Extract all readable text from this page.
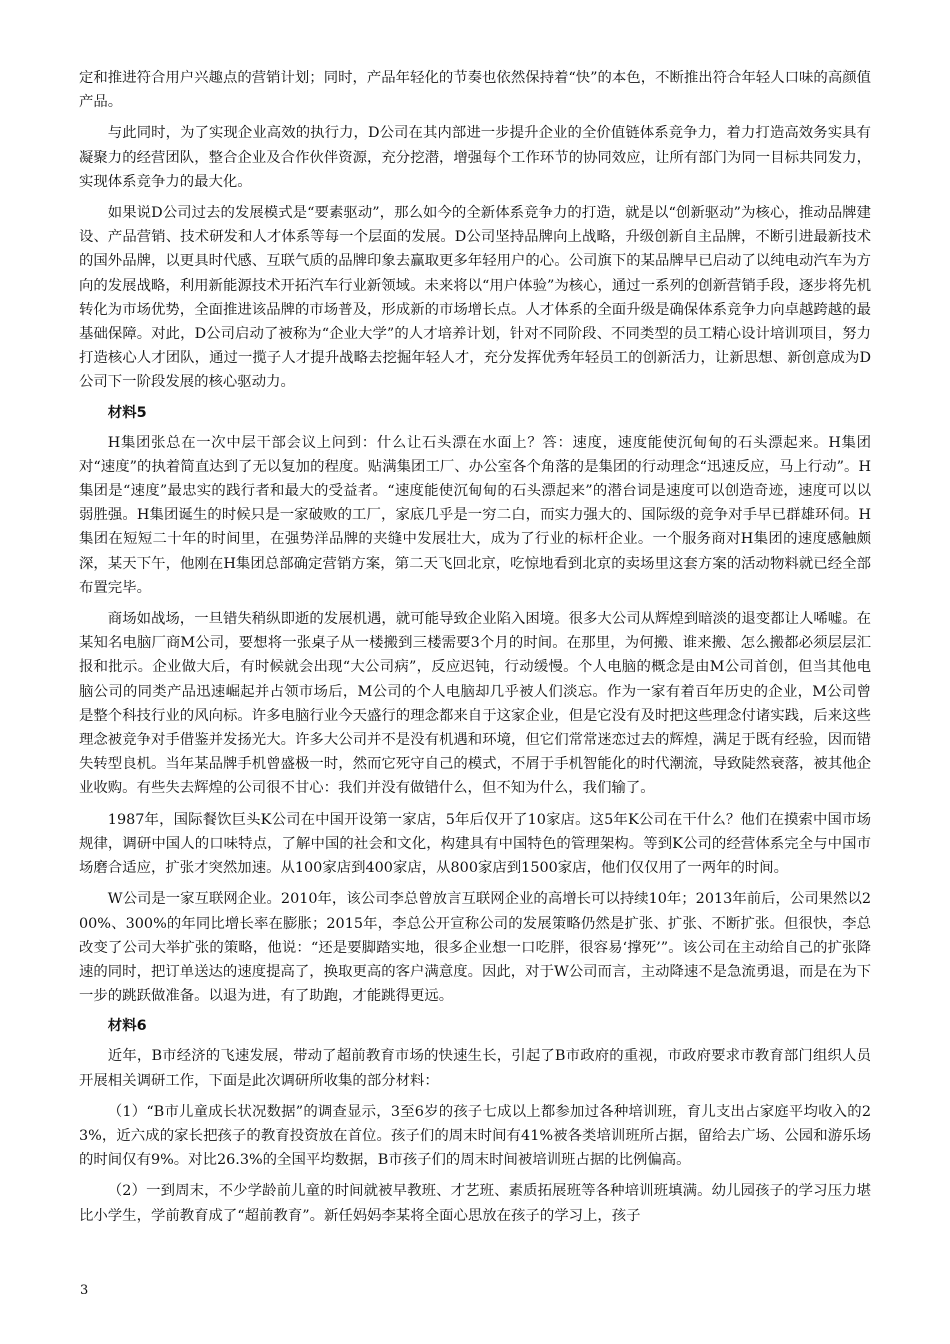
定和推进符合用户兴趣点的营销计划；同时，产品年轻化的节奏也依然保持着“快”的本色，不断推出符合年轻人口味的高颜值产品。

与此同时，为了实现企业高效的执行力，D公司在其内部进一步提升企业的全价值链体系竞争力，着力打造高效务实具有凝聚力的经营团队，整合企业及合作伙伴资源，充分挖潜，增强每个工作环节的协同效应，让所有部门为同一目标共同发力，实现体系竞争力的最大化。

如果说D公司过去的发展模式是“要素驱动”，那么如今的全新体系竞争力的打造，就是以“创新驱动”为核心，推动品牌建设、产品营销、技术研发和人才体系等每一个层面的发展。D公司坚持品牌向上战略，升级创新自主品牌，不断引进最新技术的国外品牌，以更具时代感、互联气质的品牌印象去赢取更多年轻用户的心。公司旗下的某品牌早已启动了以纯电动汽车为方向的发展战略，利用新能源技术开拓汽车行业新领域。未来将以“用户体验”为核心，通过一系列的创新营销手段，逐步将先机转化为市场优势，全面推进该品牌的市场普及，形成新的市场增长点。人才体系的全面升级是确保体系竞争力向卓越跨越的最基础保障。对此，D公司启动了被称为“企业大学”的人才培养计划，针对不同阶段、不同类型的员工精心设计培训项目，努力打造核心人才团队，通过一揽子人才提升战略去挖掘年轻人才，充分发挥优秀年轻员工的创新活力，让新思想、新创意成为D公司下一阶段发展的核心驱动力。

材料5

H集团张总在一次中层干部会议上问到：什么让石头漂在水面上？答：速度，速度能使沉甸甸的石头漂起来。H集团对“速度”的执着简直达到了无以复加的程度。贴满集团工厂、办公室各个角落的是集团的行动理念“迅速反应，马上行动”。H集团是“速度”最忠实的践行者和最大的受益者。“速度能使沉甸甸的石头漂起来”的潜台词是速度可以创造奇迹，速度可以以弱胜强。H集团诞生的时候只是一家破败的工厂，家底几乎是一穷二白，而实力强大的、国际级的竞争对手早已群雄环伺。H集团在短短二十年的时间里，在强势洋品牌的夹缝中发展壮大，成为了行业的标杆企业。一个服务商对H集团的速度感触颇深，某天下午，他刚在H集团总部确定营销方案，第二天飞回北京，吃惊地看到北京的卖场里这套方案的活动物料就已经全部布置完毕。

商场如战场，一旦错失稍纵即逝的发展机遇，就可能导致企业陷入困境。很多大公司从辉煌到暗淡的退变都让人唏嘘。在某知名电脑厂商M公司，要想将一张桌子从一楼搬到三楼需要3个月的时间。在那里，为何搬、谁来搬、怎么搬都必须层层汇报和批示。企业做大后，有时候就会出现“大公司病”，反应迟钝，行动缓慢。个人电脑的概念是由M公司首创，但当其他电脑公司的同类产品迅速崛起并占领市场后，M公司的个人电脑却几乎被人们淡忘。作为一家有着百年历史的企业，M公司曾是整个科技行业的风向标。许多电脑行业今天盛行的理念都来自于这家企业，但是它没有及时把这些理念付诸实践，后来这些理念被竞争对手借鉴并发扬光大。许多大公司并不是没有机遇和环境，但它们常常迷恋过去的辉煌，满足于既有经验，因而错失转型良机。当年某品牌手机曾盛极一时，然而它死守自己的模式，不屑于手机智能化的时代潮流，导致陡然衰落，被其他企业收购。有些失去辉煌的公司很不甘心：我们并没有做错什么，但不知为什么，我们输了。

1987年，国际餐饮巨头K公司在中国开设第一家店，5年后仅开了10家店。这5年K公司在干什么？他们在摸索中国市场规律，调研中国人的口味特点，了解中国的社会和文化，构建具有中国特色的管理架构。等到K公司的经营体系完全与中国市场磨合适应，扩张才突然加速。从100家店到400家店，从800家店到1500家店，他们仅仅用了一两年的时间。

W公司是一家互联网企业。2010年，该公司李总曾放言互联网企业的高增长可以持续10年；2013年前后，公司果然以200%、300%的年同比增长率在膨胀；2015年，李总公开宣称公司的发展策略仍然是扩张、扩张、不断扩张。但很快，李总改变了公司大举扩张的策略，他说：“还是要脚踏实地，很多企业想一口吃胖，很容易‘撑死’”。该公司在主动给自己的扩张降速的同时，把订单送达的速度提高了，换取更高的客户满意度。因此，对于W公司而言，主动降速不是急流勇退，而是在为下一步的跳跃做准备。以退为进，有了助跑，才能跳得更远。

材料6

近年，B市经济的飞速发展，带动了超前教育市场的快速生长，引起了B市政府的重视，市政府要求市教育部门组织人员开展相关调研工作，下面是此次调研所收集的部分材料：

（1）“B市儿童成长状况数据”的调查显示，3至6岁的孩子七成以上都参加过各种培训班，育儿支出占家庭平均收入的23%，近六成的家长把孩子的教育投资放在首位。孩子们的周末时间有41%被各类培训班所占据，留给去广场、公园和游乐场的时间仅有9%。对比26.3%的全国平均数据，B市孩子们的周末时间被培训班占据的比例偏高。

（2）一到周末，不少学龄前儿童的时间就被早教班、才艺班、素质拓展班等各种培训班填满。幼儿园孩子的学习压力堪比小学生，学前教育成了“超前教育”。新任妈妈李某将全面心思放在孩子的学习上，孩子

3
